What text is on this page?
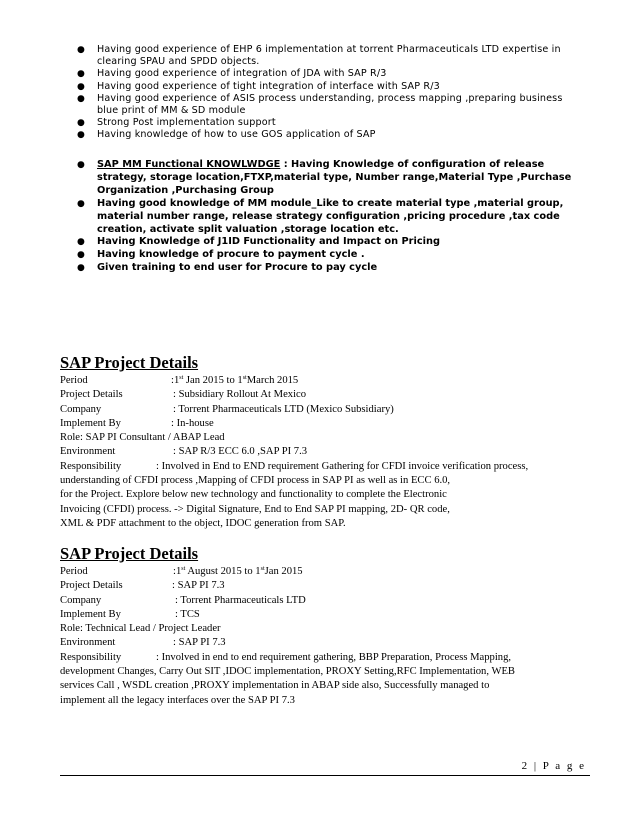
● Having good experience of EHP 6 implementation at torrent Pharmaceuticals LTD expertise in clearing SPAU and SPDD objects.
● Having good experience of integration of JDA with SAP R/3
● Having good experience of tight integration of interface with SAP R/3
● Having good experience of ASIS process understanding, process mapping ,preparing business blue print of MM & SD module
● Strong Post implementation support
● Having knowledge of how to use GOS application of SAP
● SAP MM Functional KNOWLWDGE : Having Knowledge of configuration of release strategy, storage location,FTXP,material type, Number range,Material Type ,Purchase Organization ,Purchasing Group
● Having good knowledge of MM module_Like to create material type ,material group, material number range, release strategy configuration ,pricing procedure ,tax code creation, activate split valuation ,storage location etc.
● Having Knowledge of J1ID Functionality and Impact on Pricing
● Having knowledge of procure to payment cycle .
● Given training to end user for Procure to pay cycle
SAP Project Details
Period	:1st Jan 2015 to 1stMarch 2015
Project Details	: Subsidiary Rollout At Mexico
Company	: Torrent Pharmaceuticals LTD (Mexico Subsidiary)
Implement By	: In-house
Role: SAP PI Consultant / ABAP Lead
Environment	: SAP R/3 ECC 6.0 ,SAP PI 7.3
Responsibility	: Involved in End to END requirement Gathering for CFDI invoice verification process,
understanding of CFDI process ,Mapping of CFDI process in SAP PI as well as in ECC 6.0,
for the Project. Explore below new technology and functionality to complete the Electronic
Invoicing (CFDI) process. -> Digital Signature, End to End SAP PI mapping, 2D- QR code,
XML & PDF attachment to the object, IDOC generation from SAP.
SAP Project Details
Period	:1st August 2015 to 1stJan 2015
Project Details	: SAP PI 7.3
Company	: Torrent Pharmaceuticals LTD
Implement By	: TCS
Role: Technical Lead / Project Leader
Environment	: SAP PI 7.3
Responsibility	: Involved in end to end requirement gathering, BBP Preparation, Process Mapping,
development Changes, Carry Out SIT ,IDOC implementation, PROXY Setting,RFC Implementation, WEB
services Call , WSDL creation ,PROXY implementation in ABAP side also, Successfully managed to
implement all the legacy interfaces over the SAP PI 7.3
2 | P a g e
